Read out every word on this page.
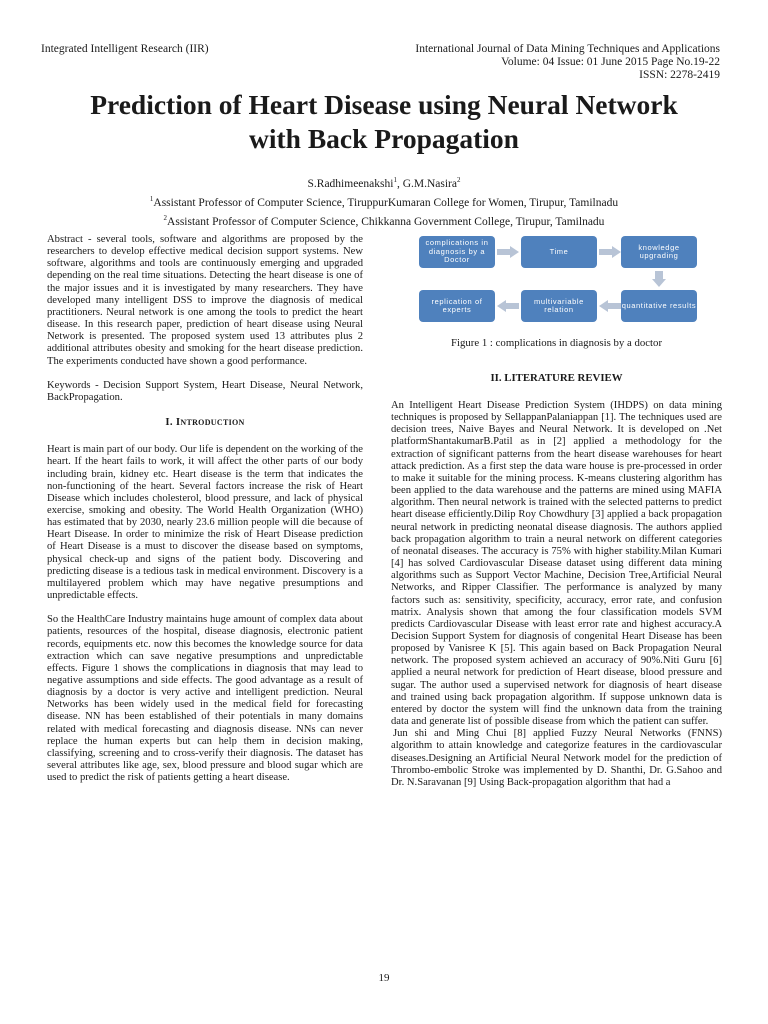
Integrated Intelligent Research (IIR)	International Journal of Data Mining Techniques and Applications
Volume: 04 Issue: 01 June 2015 Page No.19-22
ISSN: 2278-2419
Prediction of Heart Disease using Neural Network
with Back Propagation
S.Radhimeenakshi$^1$, G.M.Nasira$^2$
$^1$Assistant Professor of Computer Science, TiruppurKumaran College for Women, Tirupur, Tamilnadu
$^2$Assistant Professor of Computer Science, Chikkanna Government College, Tirupur, Tamilnadu

Abstract - several tools, software and algorithms are proposed by the researchers to develop effective medical decision support systems. New software, algorithms and tools are continuously emerging and upgraded depending on the real time situations. Detecting the heart disease is one of the major issues and it is investigated by many researchers. They have developed many intelligent DSS to improve the diagnosis of medical practitioners. Neural network is one among the tools to predict the heart disease. In this research paper, prediction of heart disease using Neural Network is presented. The proposed system used 13 attributes plus 2 additional attributes obesity and smoking for the heart disease prediction. The experiments conducted have shown a good performance.

Keywords - Decision Support System, Heart Disease, Neural Network, BackPropagation.

I. Introduction

Heart is main part of our body. Our life is dependent on the working of the heart. If the heart fails to work, it will affect the other parts of our body including brain, kidney etc. Heart disease is the term that indicates the non-functioning of the heart. Several factors increase the risk of Heart Disease which includes cholesterol, blood pressure, and lack of physical exercise, smoking and obesity. The World Health Organization (WHO) has estimated that by 2030, nearly 23.6 million people will die because of Heart Disease. In order to minimize the risk of Heart Disease prediction of Heart Disease is a must to discover the disease based on symptoms, physical check-up and signs of the patient body. Discovering and predicting disease is a tedious task in medical environment. Discovery is a multilayered problem which may have negative presumptions and unpredictable effects.

So the HealthCare Industry maintains huge amount of complex data about patients, resources of the hospital, disease diagnosis, electronic patient records, equipments etc. now this becomes the knowledge source for data extraction which can save negative presumptions and unpredictable effects. Figure 1 shows the complications in diagnosis that may lead to negative assumptions and side effects. The good advantage as a result of diagnosis by a doctor is very active and intelligent prediction. Neural Networks has been widely used in the medical field for forecasting disease. NN has been established of their potentials in many domains related with medical forecasting and diagnosis disease. NNs can never replace the human experts but can help them in decision making, classifying, screening and to cross-verify their diagnosis. The dataset has several attributes like age, sex, blood pressure and blood sugar which are used to predict the risk of patients getting a heart disease.

complications in diagnosis by a Doctor
Time	knowledge upgrading
quantitative results
multivariable relation
replication of experts
Figure 1 : complications in diagnosis by a doctor
II. LITERATURE REVIEW

An Intelligent Heart Disease Prediction System (IHDPS) on data mining techniques is proposed by SellappanPalaniappan [1]. The techniques used are decision trees, Naive Bayes and Neural Network. It is developed on .Net platformShantakumarB.Patil as in [2] applied a methodology for the extraction of significant patterns from the heart disease warehouses for heart attack prediction. As a first step the data ware house is pre-processed in order to make it suitable for the mining process. K-means clustering algorithm has been applied to the data warehouse and the patterns are mined using MAFIA algorithm. Then neural network is trained with the selected patterns to predict heart disease efficiently.Dilip Roy Chowdhury [3] applied a back propagation neural network in predicting neonatal disease diagnosis. The authors applied back propagation algorithm to train a neural network on different categories of neonatal diseases. The accuracy is 75% with higher stability.Milan Kumari [4] has solved Cardiovascular Disease dataset using different data mining algorithms such as Support Vector Machine, Decision Tree,Artificial Neural Networks, and Ripper Classifier. The performance is analyzed by many factors such as: sensitivity, specificity, accuracy, error rate, and confusion matrix. Analysis shown that among the four classification models SVM predicts Cardiovascular Disease with least error rate and highest accuracy.A Decision Support System for diagnosis of congenital Heart Disease has been proposed by Vanisree K [5]. This again based on Back Propagation Neural network. The proposed system achieved an accuracy of 90%.Niti Guru [6] applied a neural network for prediction of Heart disease, blood pressure and sugar. The author used a supervised network for diagnosis of heart disease and trained using back propagation algorithm. If suppose unknown data is entered by doctor the system will find the unknown data from the training data and generate list of possible disease from which the patient can suffer.

Jun shi and Ming Chui [8] applied Fuzzy Neural Networks (FNNS) algorithm to attain knowledge and categorize features in the cardiovascular diseases.Designing an Artificial Neural Network model for the prediction of Thrombo-embolic Stroke was implemented by D. Shanthi, Dr. G.Sahoo and Dr. N.Saravanan [9] Using Back-propagation algorithm that had a

19
